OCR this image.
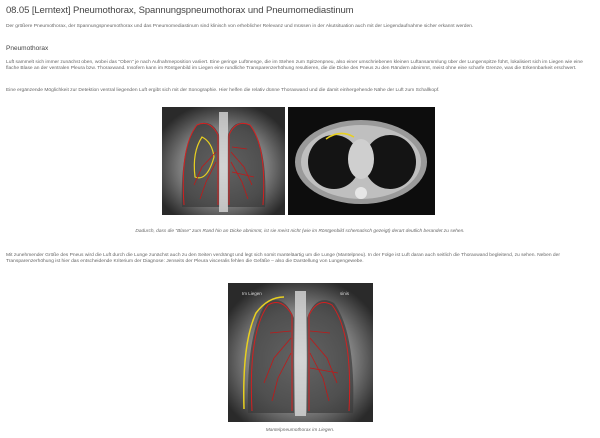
08.05 [Lerntext] Pneumothorax, Spannungspneumothorax und Pneumomediastinum
Der größere Pneumothorax, der Spannungspneumothorax und das Pneumomediastinum sind klinisch von erheblicher Relevanz und müssen in der Akutsituation auch mit der Liegendaufnahme sicher erkannt werden.
Pneumothorax
Luft sammelt sich immer zunächst oben, wobei das "Oben" je nach Aufnahmeposition variiert. Eine geringe Luftmenge, die im Stehen zum Spitzenpneu, also einer umschriebenen kleinen Luftansammlung über der Lungenspitze führt, lokalisiert sich im Liegen wie eine flache Blase an der ventralen Pleura bzw. Thoraxwand. Insofern kann im Röntgenbild im Liegen eine rundliche Transparenzerhöhung resultieren, die die Dicke des Pneus zu den Rändern abnimmt, meist ohne eine scharfe Grenze, was die Erkennbarkeit erschwert.
Eine ergänzende Möglichkeit zur Detektion ventral liegenden Luft ergibt sich mit der Sonographie. Hier helfen die relativ dünne Thoraxwand und die damit einhergehende Nähe der Luft zum Schallkopf.
Dadurch, dass die "Blase" zum Rand hin an Dicke abnimmt, ist sie meist nicht (wie im Röntgenbild schematisch gezeigt) derart deutlich berandet zu sehen.
Mit zunehmender Größe des Pneus wird die Luft durch die Lunge zunächst auch zu den Seiten verdrängt und legt sich somit manteläartig um die Lunge (Mantelpneu). In der Folge ist Luft daran auch seitlich die Thoraxwand begleitend, zu sehen. Neben der Transparenzerhöhung ist hier das entscheidende Kriterium der Diagnose: Jenseits der Pleura visceralis fehlen die Gefäße – also die Darstellung von Lungengewebe.
Im Liegen	sinis
Mantelpneumothorax im Liegen.
